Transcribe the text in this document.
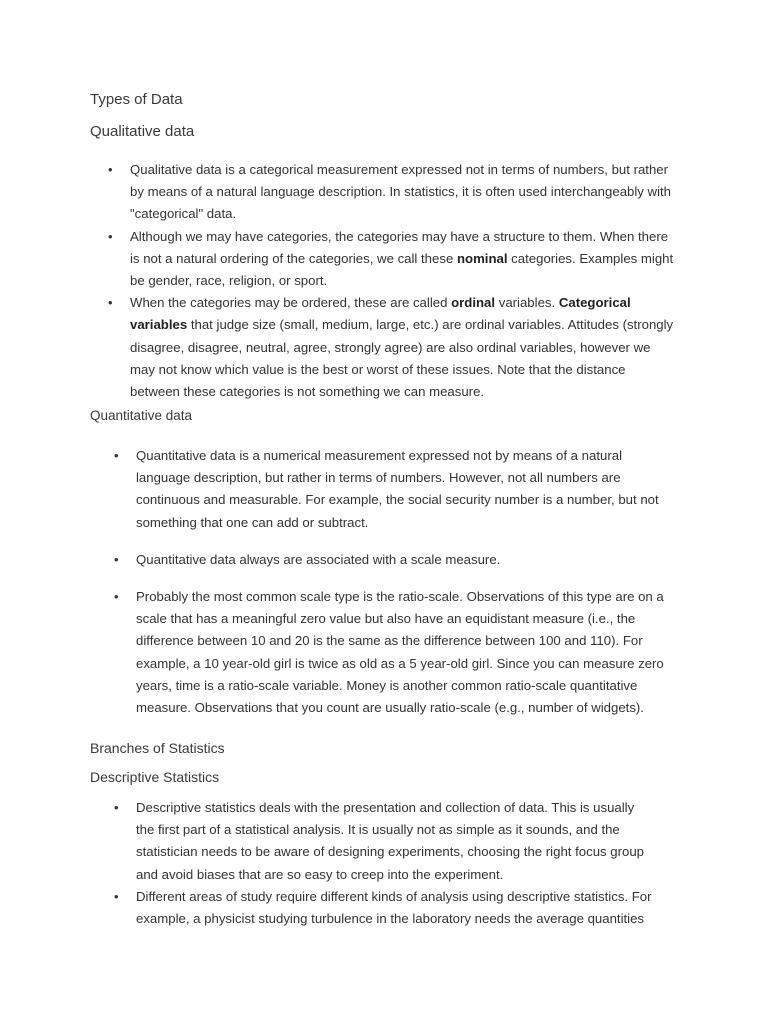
Types of Data
Qualitative data
• Qualitative data is a categorical measurement expressed not in terms of numbers, but rather
by means of a natural language description. In statistics, it is often used interchangeably with
"categorical" data.
• Although we may have categories, the categories may have a structure to them. When there
is not a natural ordering of the categories, we call these nominal categories. Examples might
be gender, race, religion, or sport.
• When the categories may be ordered, these are called ordinal variables. Categorical
variables that judge size (small, medium, large, etc.) are ordinal variables. Attitudes (strongly
disagree, disagree, neutral, agree, strongly agree) are also ordinal variables, however we
may not know which value is the best or worst of these issues. Note that the distance
between these categories is not something we can measure.
Quantitative data
• Quantitative data is a numerical measurement expressed not by means of a natural
language description, but rather in terms of numbers. However, not all numbers are
continuous and measurable. For example, the social security number is a number, but not
something that one can add or subtract.
• Quantitative data always are associated with a scale measure.
• Probably the most common scale type is the ratio-scale. Observations of this type are on a
scale that has a meaningful zero value but also have an equidistant measure (i.e., the
difference between 10 and 20 is the same as the difference between 100 and 110). For
example, a 10 year-old girl is twice as old as a 5 year-old girl. Since you can measure zero
years, time is a ratio-scale variable. Money is another common ratio-scale quantitative
measure. Observations that you count are usually ratio-scale (e.g., number of widgets).
Branches of Statistics
Descriptive Statistics
• Descriptive statistics deals with the presentation and collection of data. This is usually
the first part of a statistical analysis. It is usually not as simple as it sounds, and the
statistician needs to be aware of designing experiments, choosing the right focus group
and avoid biases that are so easy to creep into the experiment.
• Different areas of study require different kinds of analysis using descriptive statistics. For
example, a physicist studying turbulence in the laboratory needs the average quantities
